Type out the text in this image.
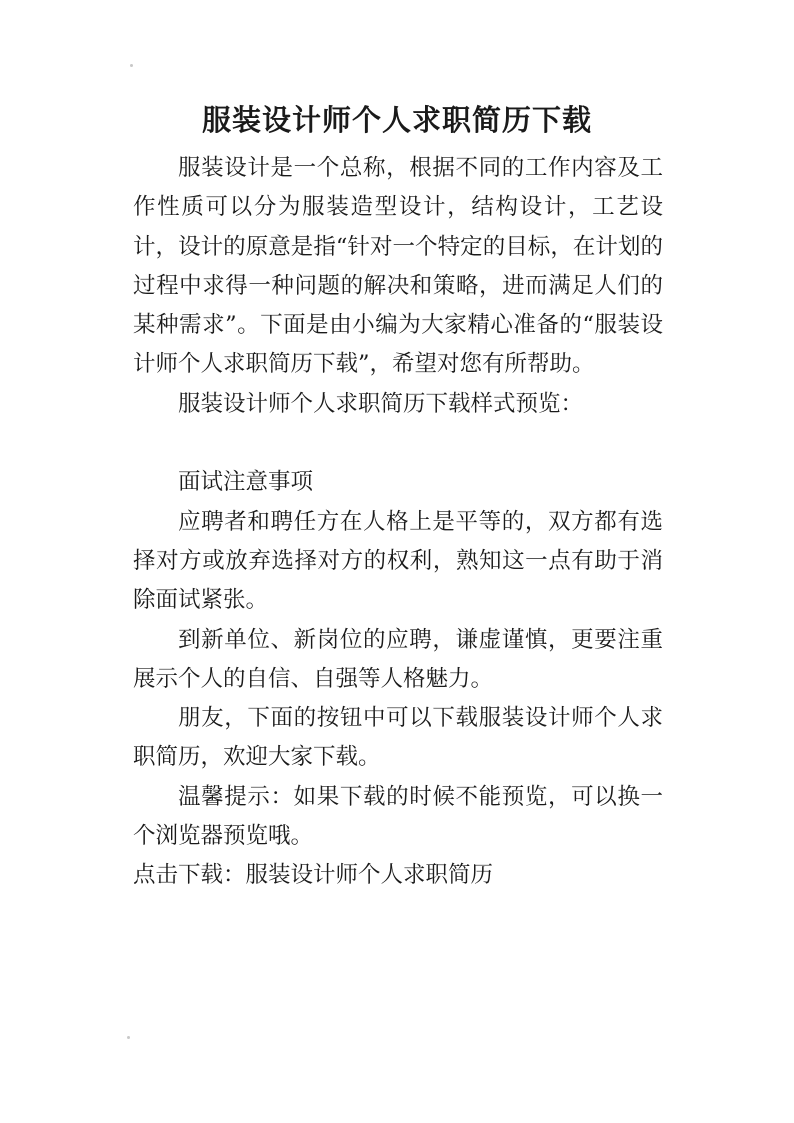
服装设计师个人求职简历下载

服装设计是一个总称，根据不同的工作内容及工作性质可以分为服装造型设计，结构设计，工艺设计，设计的原意是指“针对一个特定的目标，在计划的过程中求得一种问题的解决和策略，进而满足人们的某种需求”。下面是由小编为大家精心准备的“服装设计师个人求职简历下载”，希望对您有所帮助。

服装设计师个人求职简历下载样式预览：

面试注意事项

应聘者和聘任方在人格上是平等的，双方都有选择对方或放弃选择对方的权利，熟知这一点有助于消除面试紧张。

到新单位、新岗位的应聘，谦虚谨慎，更要注重展示个人的自信、自强等人格魅力。

朋友，下面的按钮中可以下载服装设计师个人求职简历，欢迎大家下载。

温馨提示：如果下载的时候不能预览，可以换一个浏览器预览哦。

点击下载：服装设计师个人求职简历
